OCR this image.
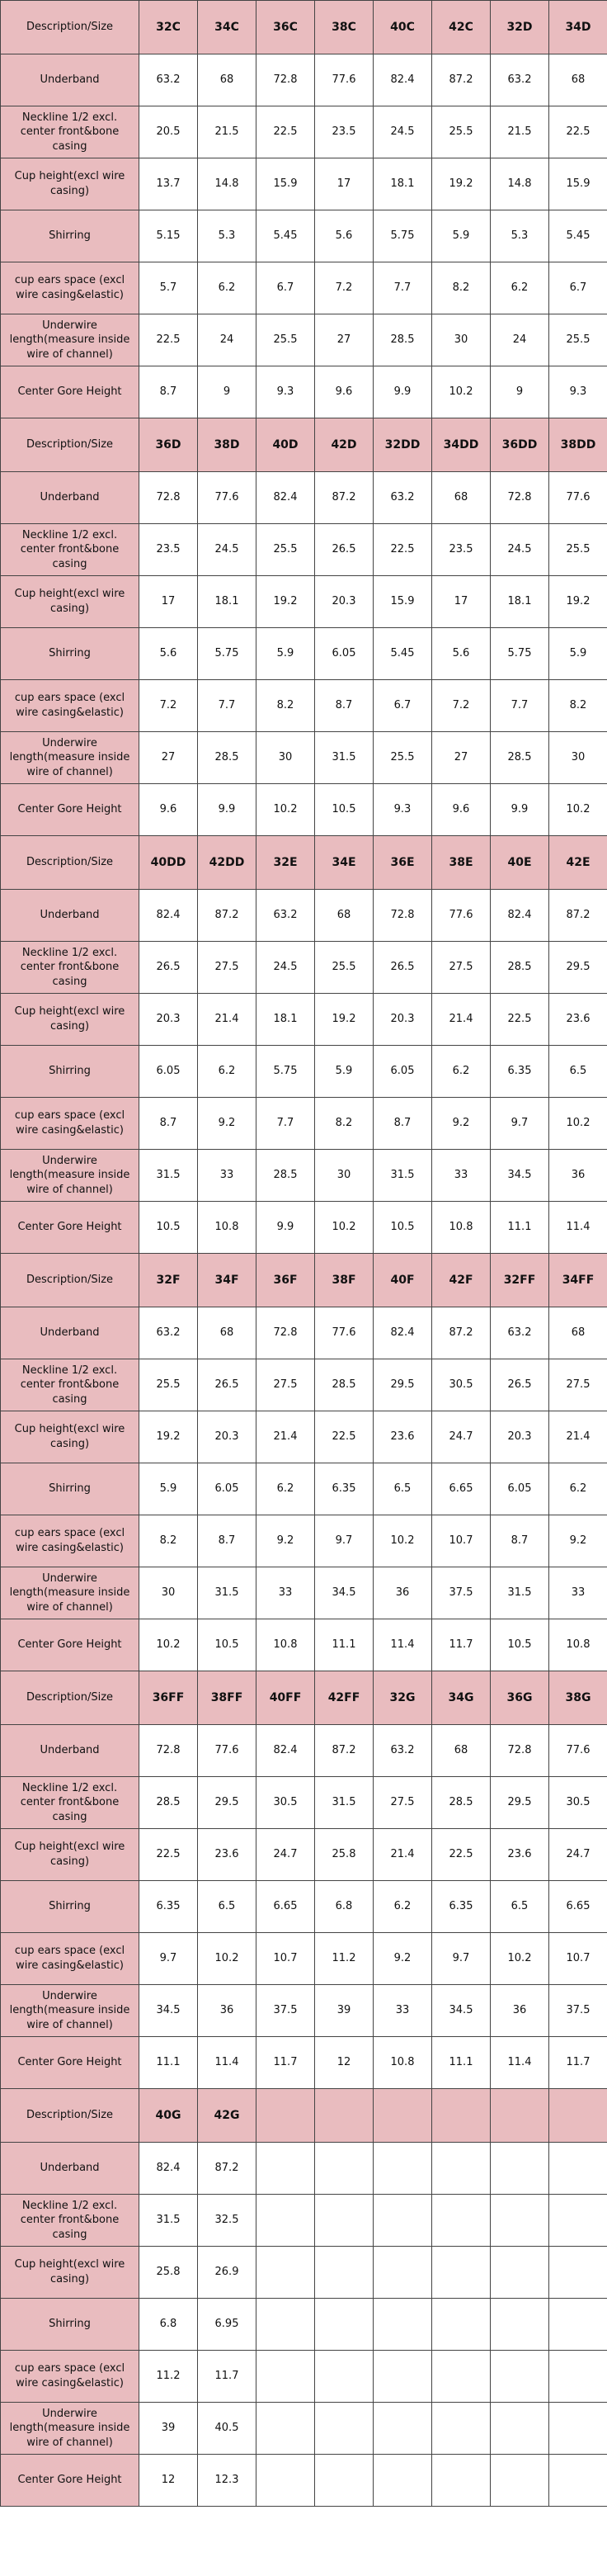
Description/Size	32C	34C	36C	38C	40C	42C	32D	34D
Underband	63.2	68	72.8	77.6	82.4	87.2	63.2	68
Neckline 1/2 excl. center front&bone casing	20.5	21.5	22.5	23.5	24.5	25.5	21.5	22.5
Cup height(excl wire casing)	13.7	14.8	15.9	17	18.1	19.2	14.8	15.9
Shirring	5.15	5.3	5.45	5.6	5.75	5.9	5.3	5.45
cup ears space (excl wire casing&elastic)	5.7	6.2	6.7	7.2	7.7	8.2	6.2	6.7
Underwire length(measure inside wire of channel)	22.5	24	25.5	27	28.5	30	24	25.5
Center Gore Height	8.7	9	9.3	9.6	9.9	10.2	9	9.3
Description/Size	36D	38D	40D	42D	32DD	34DD	36DD	38DD
Underband	72.8	77.6	82.4	87.2	63.2	68	72.8	77.6
Neckline 1/2 excl. center front&bone casing	23.5	24.5	25.5	26.5	22.5	23.5	24.5	25.5
Cup height(excl wire casing)	17	18.1	19.2	20.3	15.9	17	18.1	19.2
Shirring	5.6	5.75	5.9	6.05	5.45	5.6	5.75	5.9
cup ears space (excl wire casing&elastic)	7.2	7.7	8.2	8.7	6.7	7.2	7.7	8.2
Underwire length(measure inside wire of channel)	27	28.5	30	31.5	25.5	27	28.5	30
Center Gore Height	9.6	9.9	10.2	10.5	9.3	9.6	9.9	10.2
Description/Size	40DD	42DD	32E	34E	36E	38E	40E	42E
Underband	82.4	87.2	63.2	68	72.8	77.6	82.4	87.2
Neckline 1/2 excl. center front&bone casing	26.5	27.5	24.5	25.5	26.5	27.5	28.5	29.5
Cup height(excl wire casing)	20.3	21.4	18.1	19.2	20.3	21.4	22.5	23.6
Shirring	6.05	6.2	5.75	5.9	6.05	6.2	6.35	6.5
cup ears space (excl wire casing&elastic)	8.7	9.2	7.7	8.2	8.7	9.2	9.7	10.2
Underwire length(measure inside wire of channel)	31.5	33	28.5	30	31.5	33	34.5	36
Center Gore Height	10.5	10.8	9.9	10.2	10.5	10.8	11.1	11.4
Description/Size	32F	34F	36F	38F	40F	42F	32FF	34FF
Underband	63.2	68	72.8	77.6	82.4	87.2	63.2	68
Neckline 1/2 excl. center front&bone casing	25.5	26.5	27.5	28.5	29.5	30.5	26.5	27.5
Cup height(excl wire casing)	19.2	20.3	21.4	22.5	23.6	24.7	20.3	21.4
Shirring	5.9	6.05	6.2	6.35	6.5	6.65	6.05	6.2
cup ears space (excl wire casing&elastic)	8.2	8.7	9.2	9.7	10.2	10.7	8.7	9.2
Underwire length(measure inside wire of channel)	30	31.5	33	34.5	36	37.5	31.5	33
Center Gore Height	10.2	10.5	10.8	11.1	11.4	11.7	10.5	10.8
Description/Size	36FF	38FF	40FF	42FF	32G	34G	36G	38G
Underband	72.8	77.6	82.4	87.2	63.2	68	72.8	77.6
Neckline 1/2 excl. center front&bone casing	28.5	29.5	30.5	31.5	27.5	28.5	29.5	30.5
Cup height(excl wire casing)	22.5	23.6	24.7	25.8	21.4	22.5	23.6	24.7
Shirring	6.35	6.5	6.65	6.8	6.2	6.35	6.5	6.65
cup ears space (excl wire casing&elastic)	9.7	10.2	10.7	11.2	9.2	9.7	10.2	10.7
Underwire length(measure inside wire of channel)	34.5	36	37.5	39	33	34.5	36	37.5
Center Gore Height	11.1	11.4	11.7	12	10.8	11.1	11.4	11.7
Description/Size	40G	42G						
Underband	82.4	87.2						
Neckline 1/2 excl. center front&bone casing	31.5	32.5						
Cup height(excl wire casing)	25.8	26.9						
Shirring	6.8	6.95						
cup ears space (excl wire casing&elastic)	11.2	11.7						
Underwire length(measure inside wire of channel)	39	40.5						
Center Gore Height	12	12.3						
